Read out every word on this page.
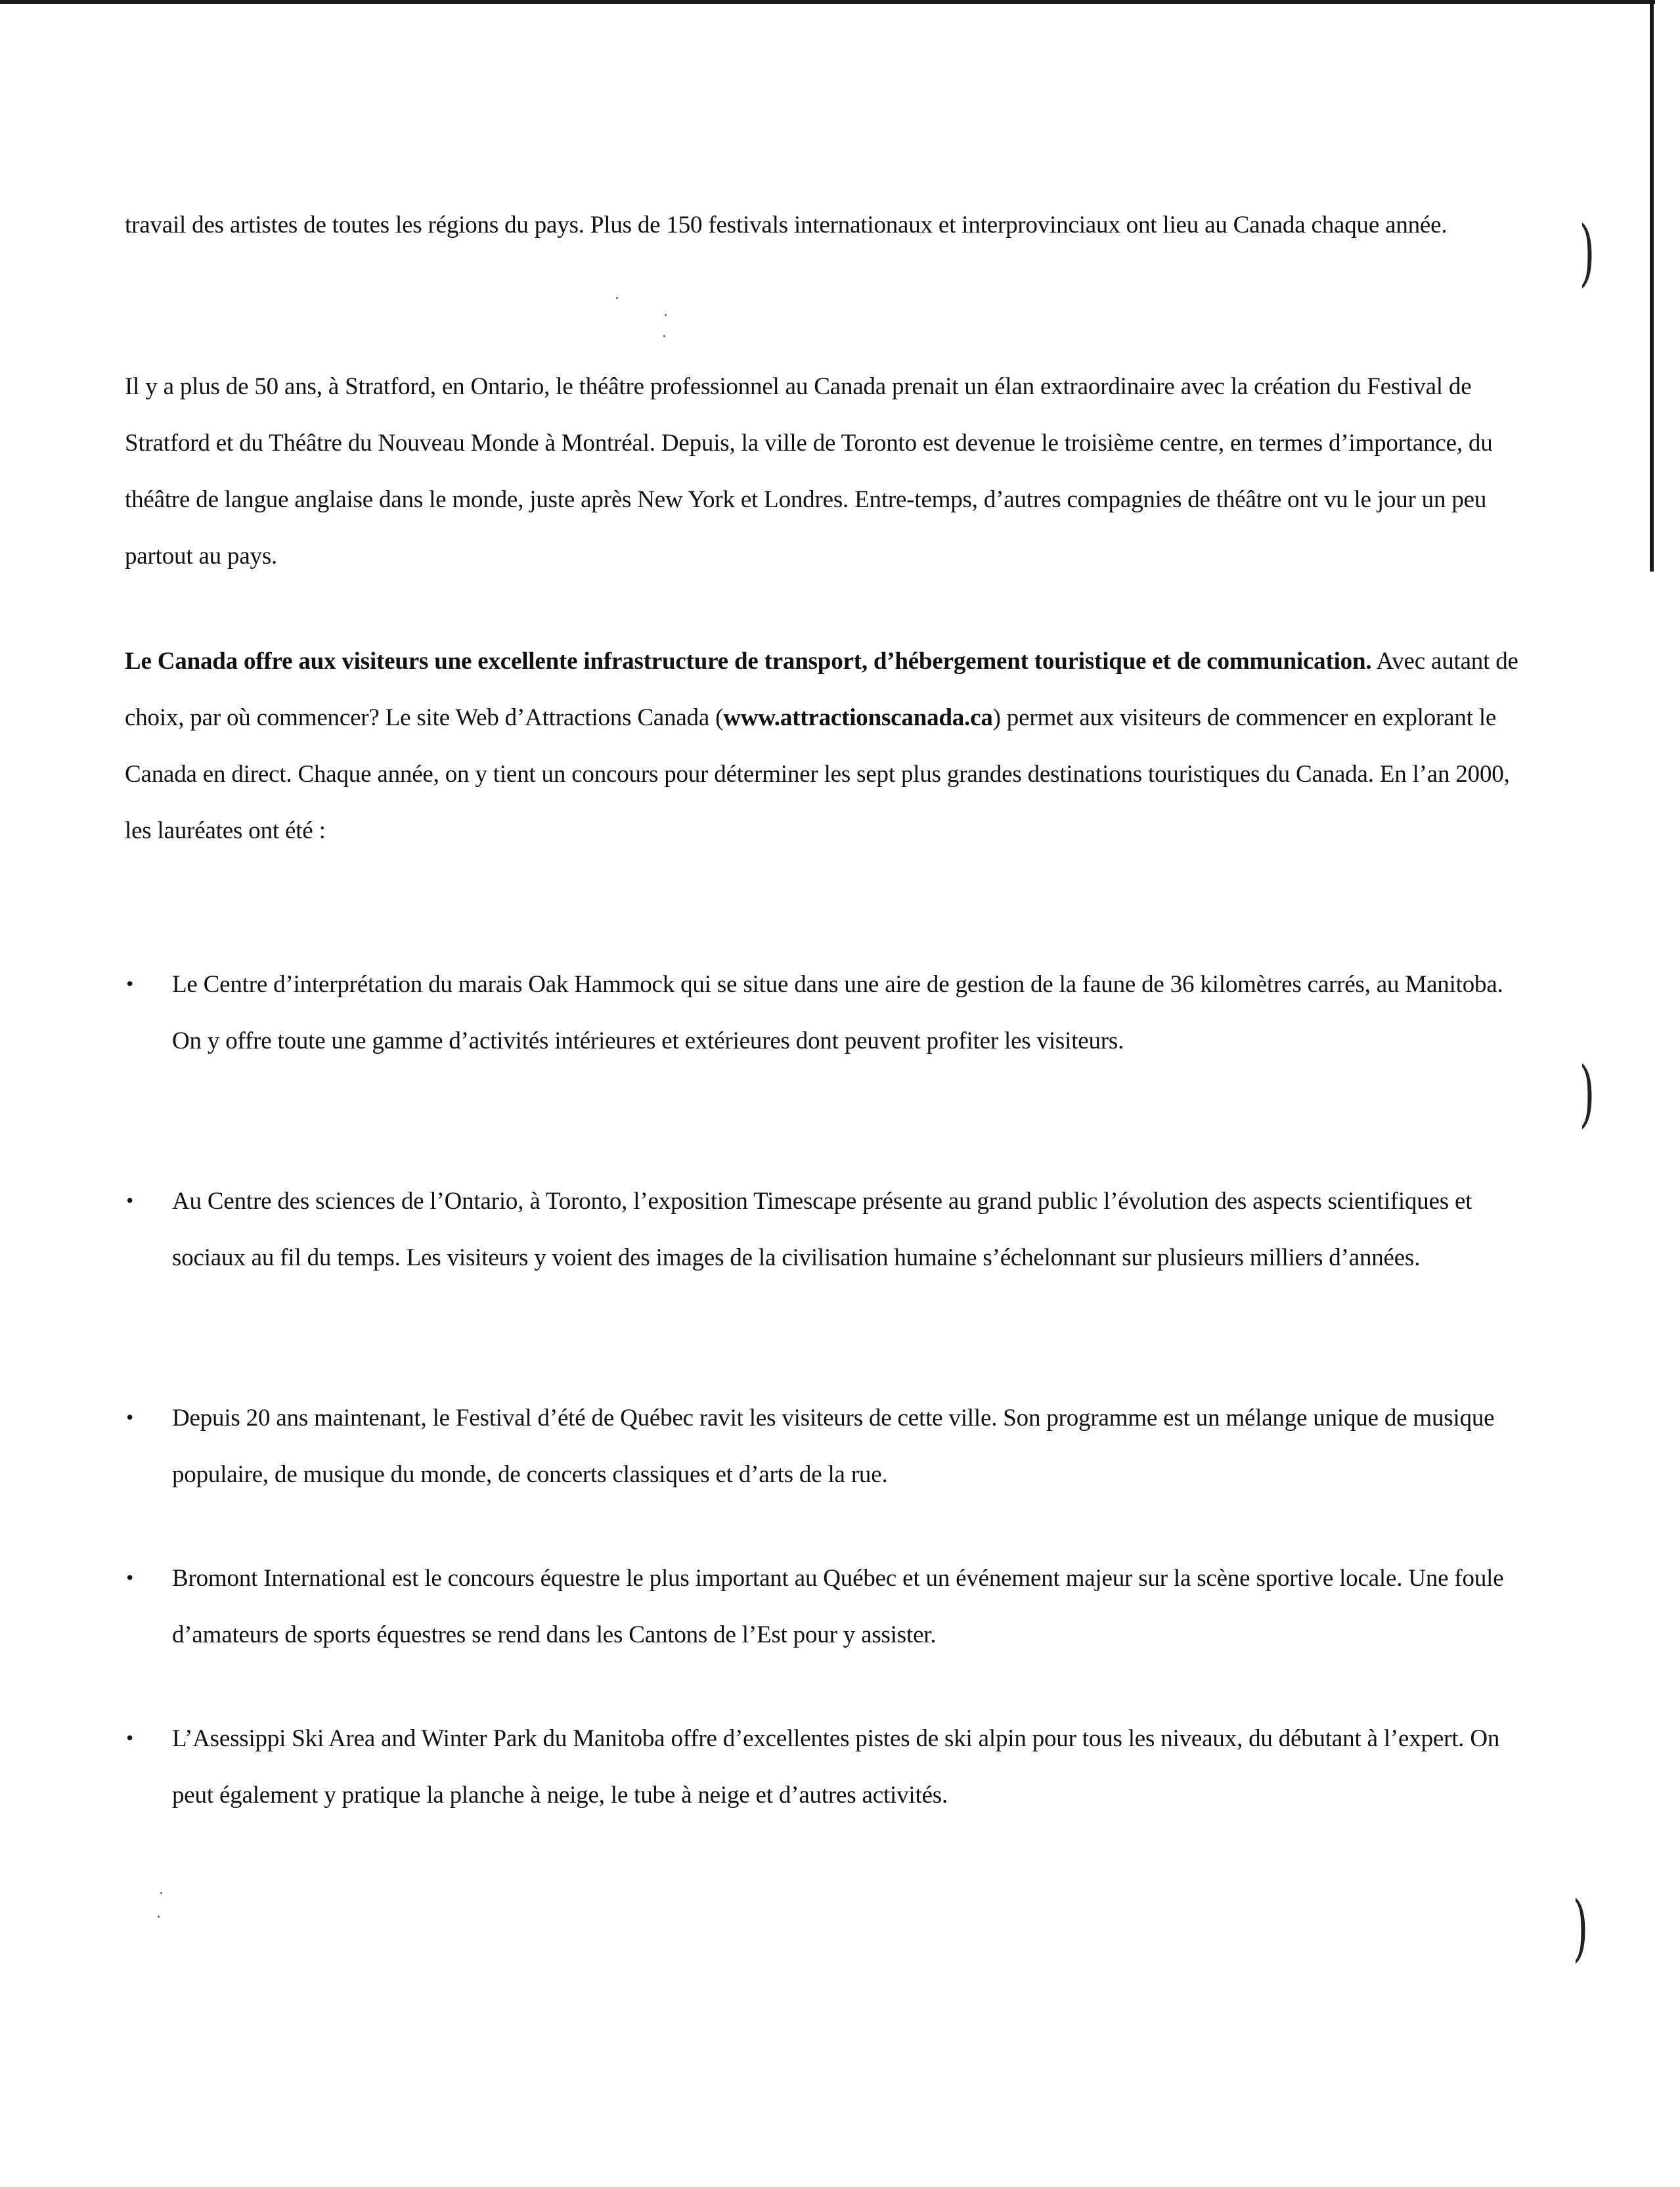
travail des artistes de toutes les régions du pays. Plus de 150 festivals internationaux et interprovinciaux ont lieu au Canada chaque année.
Il y a plus de 50 ans, à Stratford, en Ontario, le théâtre professionnel au Canada prenait un élan extraordinaire avec la création du Festival de Stratford et du Théâtre du Nouveau Monde à Montréal. Depuis, la ville de Toronto est devenue le troisième centre, en termes d’importance, du théâtre de langue anglaise dans le monde, juste après New York et Londres. Entre-temps, d’autres compagnies de théâtre ont vu le jour un peu partout au pays.
Le Canada offre aux visiteurs une excellente infrastructure de transport, d’hébergement touristique et de communication. Avec autant de choix, par où commencer? Le site Web d’Attractions Canada (www.attractionscanada.ca) permet aux visiteurs de commencer en explorant le Canada en direct. Chaque année, on y tient un concours pour déterminer les sept plus grandes destinations touristiques du Canada. En l’an 2000, les lauréates ont été :
•	Le Centre d’interprétation du marais Oak Hammock qui se situe dans une aire de gestion de la faune de 36 kilomètres carrés, au Manitoba. On y offre toute une gamme d’activités intérieures et extérieures dont peuvent profiter les visiteurs.
•	Au Centre des sciences de l’Ontario, à Toronto, l’exposition Timescape présente au grand public l’évolution des aspects scientifiques et sociaux au fil du temps. Les visiteurs y voient des images de la civilisation humaine s’échelonnant sur plusieurs milliers d’années.
•	Depuis 20 ans maintenant, le Festival d’été de Québec ravit les visiteurs de cette ville. Son programme est un mélange unique de musique populaire, de musique du monde, de concerts classiques et d’arts de la rue.
•	Bromont International est le concours équestre le plus important au Québec et un événement majeur sur la scène sportive locale. Une foule d’amateurs de sports équestres se rend dans les Cantons de l’Est pour y assister.
•	L’Asessippi Ski Area and Winter Park du Manitoba offre d’excellentes pistes de ski alpin pour tous les niveaux, du débutant à l’expert. On peut également y pratique la planche à neige, le tube à neige et d’autres activités.
)
)
)
